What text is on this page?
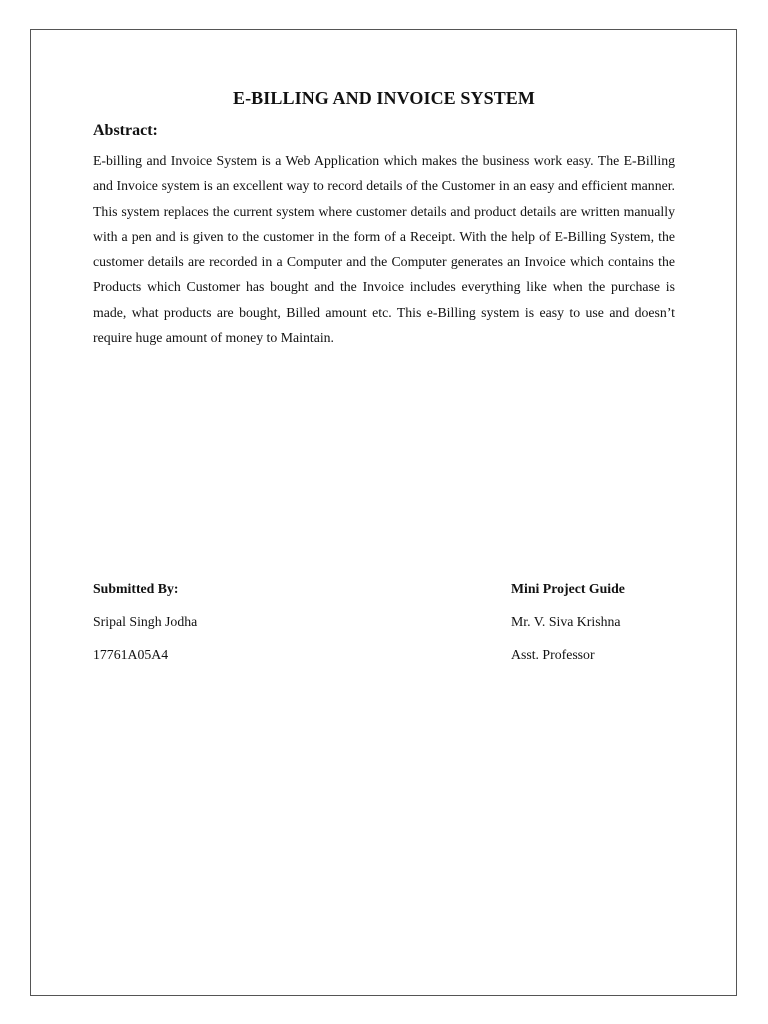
E-BILLING AND INVOICE SYSTEM
Abstract:

E-billing and Invoice System is a Web Application which makes the business work easy. The E-Billing and Invoice system is an excellent way to record details of the Customer in an easy and efficient manner. This system replaces the current system where customer details and product details are written manually with a pen and is given to the customer in the form of a Receipt. With the help of E-Billing System, the customer details are recorded in a Computer and the Computer generates an Invoice which contains the Products which Customer has bought and the Invoice includes everything like when the purchase is made, what products are bought, Billed amount etc. This e-Billing system is easy to use and doesn’t require huge amount of money to Maintain.

Submitted By:
Sripal Singh Jodha
17761A05A4
Mini Project Guide
Mr. V. Siva Krishna
Asst. Professor
